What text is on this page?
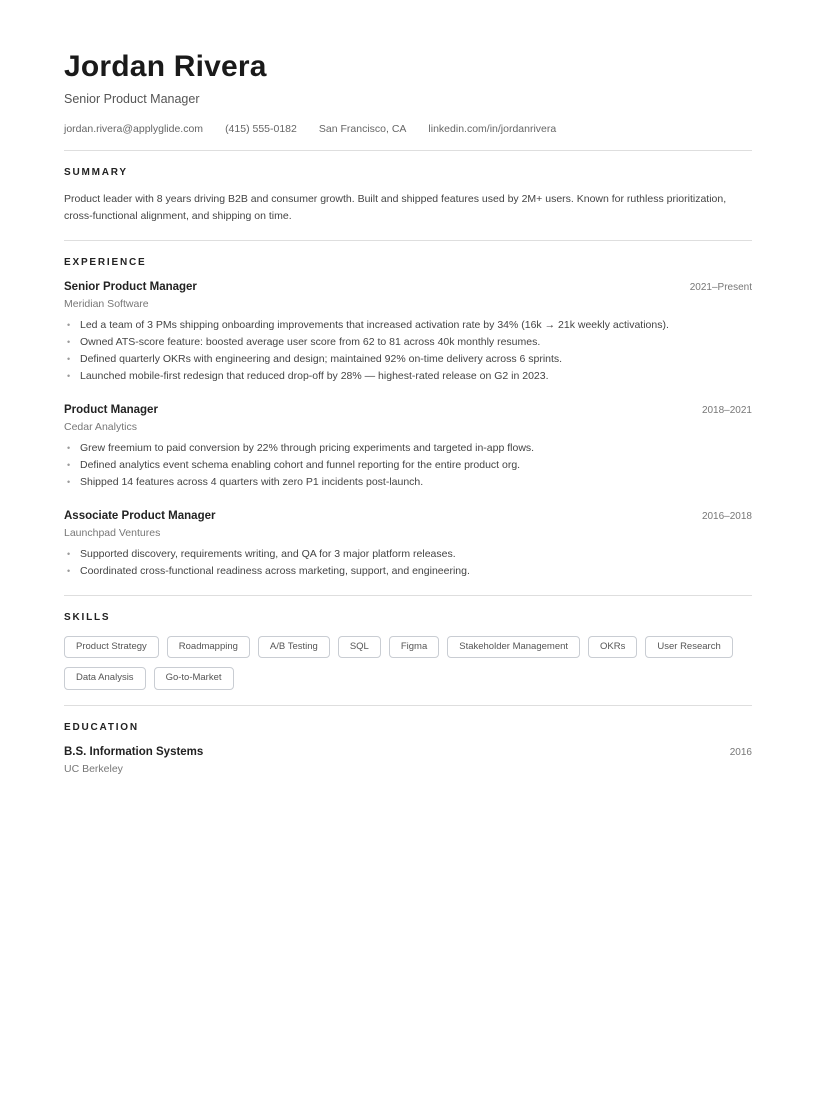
Jordan Rivera
Senior Product Manager
jordan.rivera@applyglide.com (415) 555-0182 San Francisco, CA linkedin.com/in/jordanrivera
SUMMARY

Product leader with 8 years driving B2B and consumer growth. Built and shipped features used by 2M+ users. Known for ruthless prioritization, cross-functional alignment, and shipping on time.

EXPERIENCE
Senior Product Manager	2021–Present
Meridian Software
• Led a team of 3 PMs shipping onboarding improvements that increased activation rate by 34% (16k → 21k weekly activations).
• Owned ATS-score feature: boosted average user score from 62 to 81 across 40k monthly resumes.
• Defined quarterly OKRs with engineering and design; maintained 92% on-time delivery across 6 sprints.
• Launched mobile-first redesign that reduced drop-off by 28% — highest-rated release on G2 in 2023.
Product Manager	2018–2021
Cedar Analytics
• Grew freemium to paid conversion by 22% through pricing experiments and targeted in-app flows.
• Defined analytics event schema enabling cohort and funnel reporting for the entire product org.
• Shipped 14 features across 4 quarters with zero P1 incidents post-launch.
Associate Product Manager	2016–2018
Launchpad Ventures
• Supported discovery, requirements writing, and QA for 3 major platform releases.
• Coordinated cross-functional readiness across marketing, support, and engineering.
SKILLS
Product Strategy	Roadmapping	A/B Testing	SQL	Figma	Stakeholder Management	OKRs	User Research
Data Analysis	Go-to-Market
EDUCATION
B.S. Information Systems	2016
UC Berkeley
